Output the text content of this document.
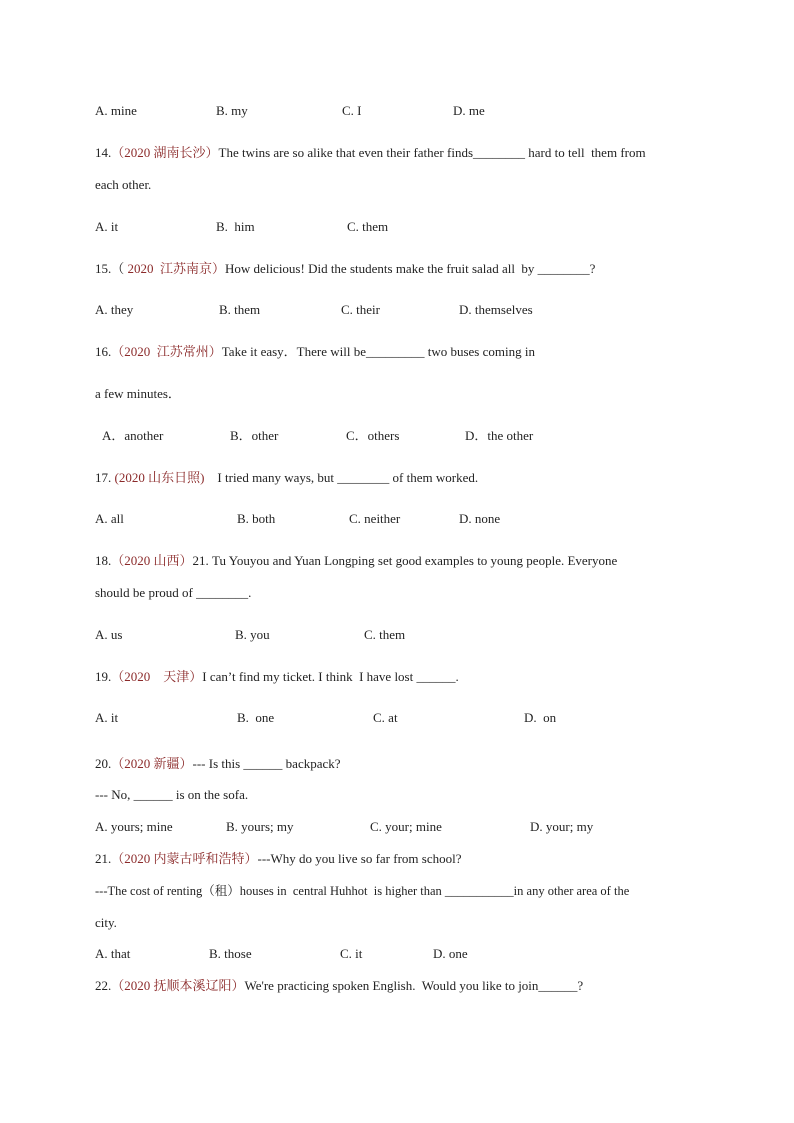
A. mine	B. my	C. I	D. me
14.（2020 湖南长沙）The twins are so alike that even their father finds________ hard to tell  them from
each other.
A. it	B.  him	C. them
15.（ 2020  江苏南京）How delicious! Did the students make the fruit salad all  by ________?
A. they	B. them	C. their	D. themselves
16.（2020  江苏常州）Take it easy．There will be_________ two buses coming in
a few minutes．
A．another	B．other	C．others	D．the other
17. (2020 山东日照)    I tried many ways, but ________ of them worked.
A. all	B. both	C. neither	D. none
18.（2020 山西）21. Tu Youyou and Yuan Longping set good examples to young people. Everyone
should be proud of ________.
A. us	B. you	C. them
19.（2020    天津）I can’t find my ticket. I think  I have lost ______.
A. it	B.  one	C. at	D.  on
20.（2020 新疆）--- Is this ______ backpack?
--- No, ______ is on the sofa.
A. yours; mine	B. yours; my	C. your; mine	D. your; my
21.（2020 内蒙古呼和浩特）---Why do you live so far from school?
---The cost of renting（租）houses in  central Huhhot  is higher than ___________in any other area of the
city.
A. that	B. those	C. it	D. one
22.（2020 抚顺本溪辽阳）We're practicing spoken English.  Would you like to join______?
